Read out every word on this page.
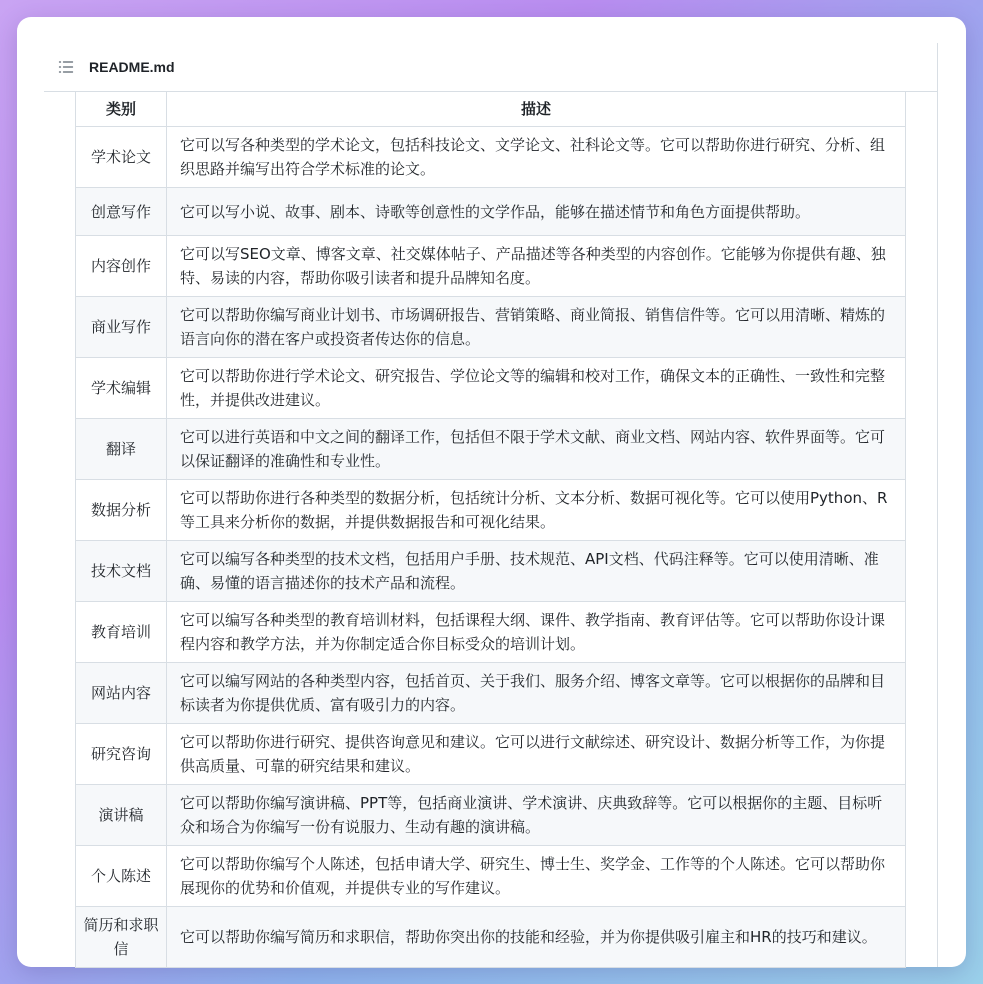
README.md
类别	描述
学术论文	它可以写各种类型的学术论文，包括科技论文、文学论文、社科论文等。它可以帮助你进行研究、分析、组织思路并编写出符合学术标准的论文。
创意写作	它可以写小说、故事、剧本、诗歌等创意性的文学作品，能够在描述情节和角色方面提供帮助。
内容创作	它可以写SEO文章、博客文章、社交媒体帖子、产品描述等各种类型的内容创作。它能够为你提供有趣、独特、易读的内容，帮助你吸引读者和提升品牌知名度。
商业写作	它可以帮助你编写商业计划书、市场调研报告、营销策略、商业简报、销售信件等。它可以用清晰、精炼的语言向你的潜在客户或投资者传达你的信息。
学术编辑	它可以帮助你进行学术论文、研究报告、学位论文等的编辑和校对工作，确保文本的正确性、一致性和完整性，并提供改进建议。
翻译	它可以进行英语和中文之间的翻译工作，包括但不限于学术文献、商业文档、网站内容、软件界面等。它可以保证翻译的准确性和专业性。
数据分析	它可以帮助你进行各种类型的数据分析，包括统计分析、文本分析、数据可视化等。它可以使用Python、R等工具来分析你的数据，并提供数据报告和可视化结果。
技术文档	它可以编写各种类型的技术文档，包括用户手册、技术规范、API文档、代码注释等。它可以使用清晰、准确、易懂的语言描述你的技术产品和流程。
教育培训	它可以编写各种类型的教育培训材料，包括课程大纲、课件、教学指南、教育评估等。它可以帮助你设计课程内容和教学方法，并为你制定适合你目标受众的培训计划。
网站内容	它可以编写网站的各种类型内容，包括首页、关于我们、服务介绍、博客文章等。它可以根据你的品牌和目标读者为你提供优质、富有吸引力的内容。
研究咨询	它可以帮助你进行研究、提供咨询意见和建议。它可以进行文献综述、研究设计、数据分析等工作，为你提供高质量、可靠的研究结果和建议。
演讲稿	它可以帮助你编写演讲稿、PPT等，包括商业演讲、学术演讲、庆典致辞等。它可以根据你的主题、目标听众和场合为你编写一份有说服力、生动有趣的演讲稿。
个人陈述	它可以帮助你编写个人陈述，包括申请大学、研究生、博士生、奖学金、工作等的个人陈述。它可以帮助你展现你的优势和价值观，并提供专业的写作建议。
简历和求职信	它可以帮助你编写简历和求职信，帮助你突出你的技能和经验，并为你提供吸引雇主和HR的技巧和建议。
